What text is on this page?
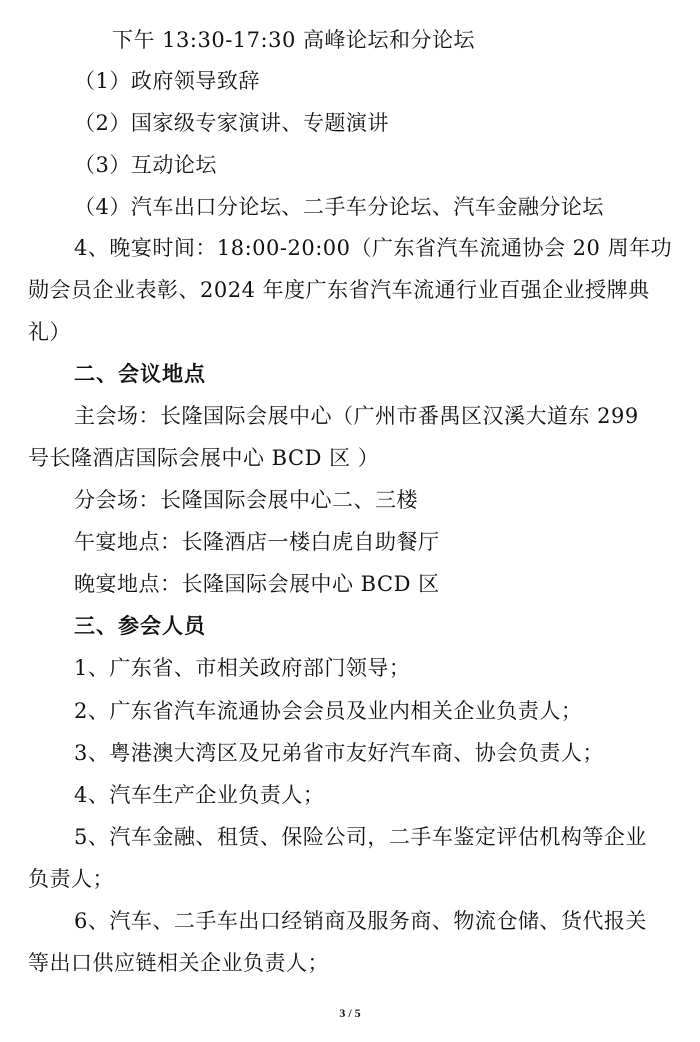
下午 13:30-17:30 高峰论坛和分论坛
（1）政府领导致辞
（2）国家级专家演讲、专题演讲
（3）互动论坛
（4）汽车出口分论坛、二手车分论坛、汽车金融分论坛
4、晚宴时间：18:00-20:00（广东省汽车流通协会 20 周年功
勋会员企业表彰、2024 年度广东省汽车流通行业百强企业授牌典
礼）
二、会议地点
主会场：长隆国际会展中心（广州市番禺区汉溪大道东 299
号长隆酒店国际会展中心 BCD 区 ）
分会场：长隆国际会展中心二、三楼
午宴地点：长隆酒店一楼白虎自助餐厅
晚宴地点：长隆国际会展中心 BCD 区
三、参会人员
1、广东省、市相关政府部门领导；
2、广东省汽车流通协会会员及业内相关企业负责人；
3、粤港澳大湾区及兄弟省市友好汽车商、协会负责人；
4、汽车生产企业负责人；
5、汽车金融、租赁、保险公司，二手车鉴定评估机构等企业
负责人；
6、汽车、二手车出口经销商及服务商、物流仓储、货代报关
等出口供应链相关企业负责人；
3 / 5
